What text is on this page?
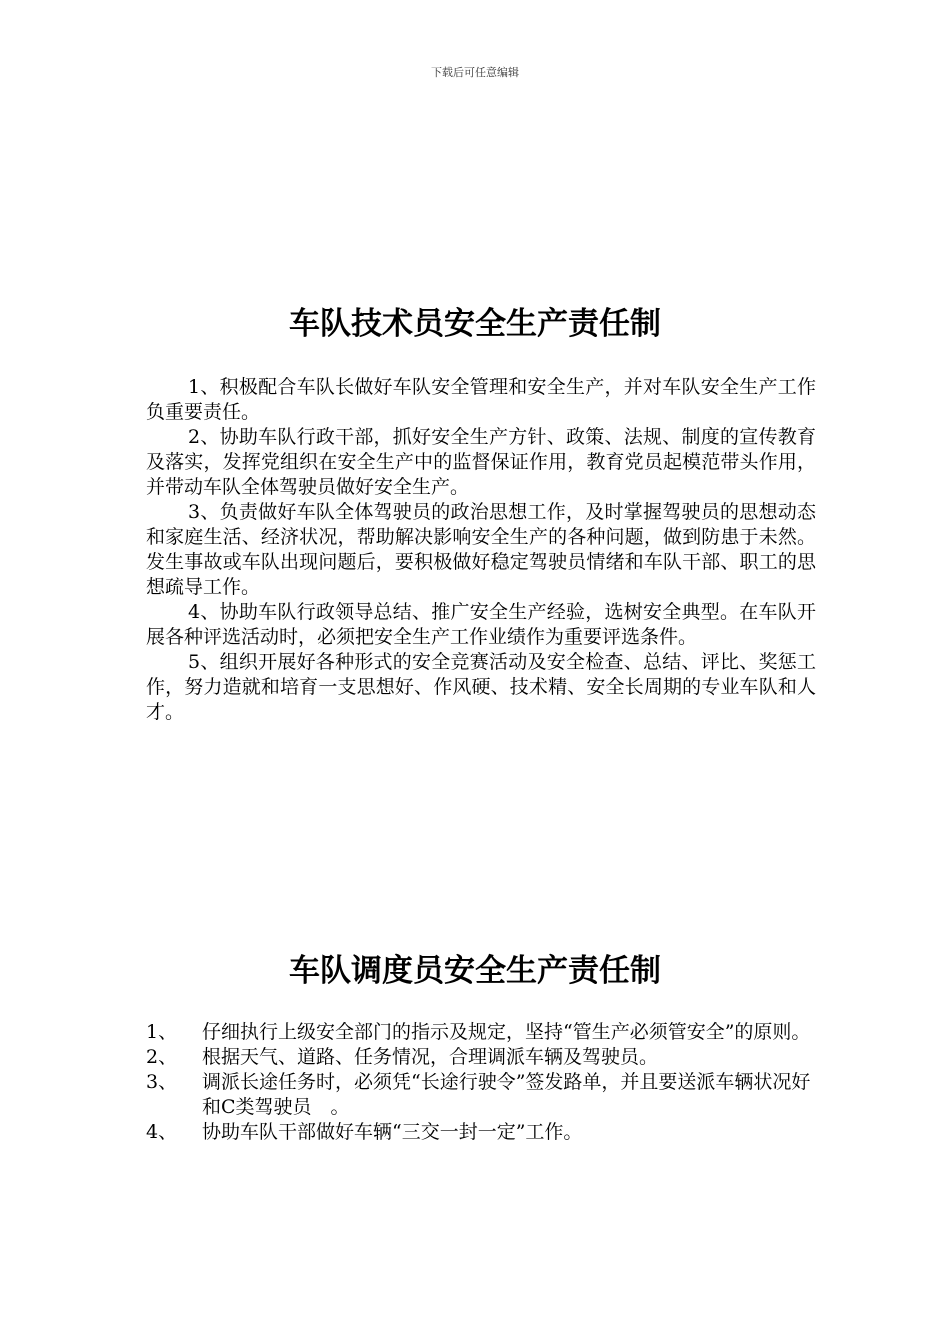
下载后可任意编辑
车队技术员安全生产责任制

1、积极配合车队长做好车队安全管理和安全生产，并对车队安全生产工作负重要责任。

2、协助车队行政干部，抓好安全生产方针、政策、法规、制度的宣传教育及落实，发挥党组织在安全生产中的监督保证作用，教育党员起模范带头作用，并带动车队全体驾驶员做好安全生产。

3、负责做好车队全体驾驶员的政治思想工作，及时掌握驾驶员的思想动态和家庭生活、经济状况，帮助解决影响安全生产的各种问题，做到防患于未然。发生事故或车队出现问题后，要积极做好稳定驾驶员情绪和车队干部、职工的思想疏导工作。

4、协助车队行政领导总结、推广安全生产经验，选树安全典型。在车队开展各种评选活动时，必须把安全生产工作业绩作为重要评选条件。

5、组织开展好各种形式的安全竞赛活动及安全检查、总结、评比、奖惩工作，努力造就和培育一支思想好、作风硬、技术精、安全长周期的专业车队和人才。

车队调度员安全生产责任制
1、	仔细执行上级安全部门的指示及规定，坚持“管生产必须管安全”的原则。
2、	根据天气、道路、任务情况，合理调派车辆及驾驶员。
3、	调派长途任务时，必须凭“长途行驶令”签发路单，并且要送派车辆状况好和C类驾驶员　。
4、	协助车队干部做好车辆“三交一封一定”工作。
